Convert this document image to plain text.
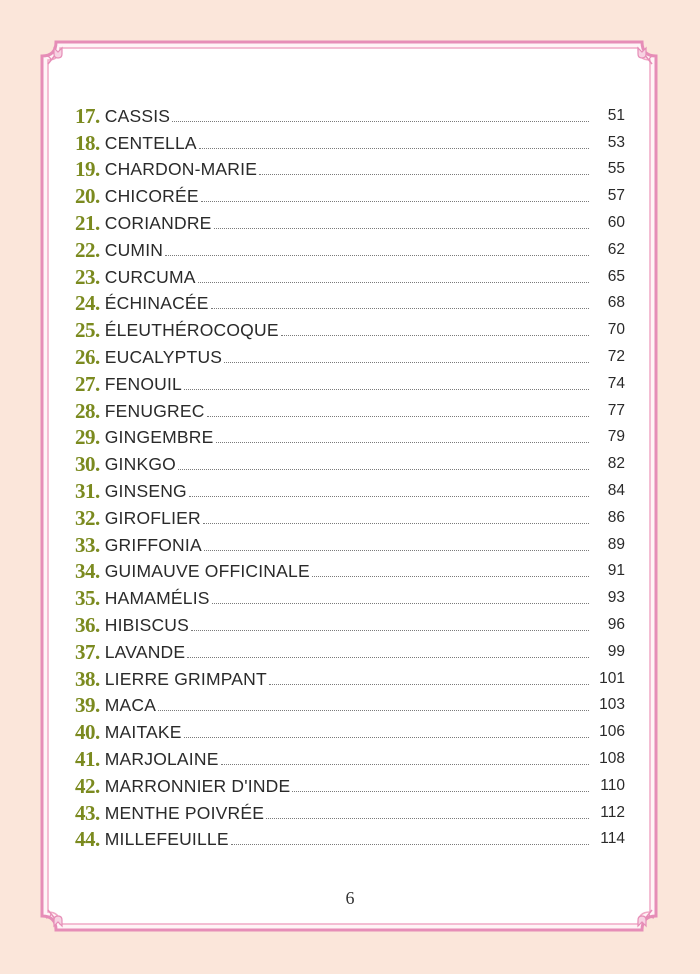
17. CASSIS	51
18. CENTELLA	53
19. CHARDON-MARIE	55
20. CHICORÉE	57
21. CORIANDRE	60
22. CUMIN	62
23. CURCUMA	65
24. ÉCHINACÉE	68
25. ÉLEUTHÉROCOQUE	70
26. EUCALYPTUS	72
27. FENOUIL	74
28. FENUGREC	77
29. GINGEMBRE	79
30. GINKGO	82
31. GINSENG	84
32. GIROFLIER	86
33. GRIFFONIA	89
34. GUIMAUVE OFFICINALE	91
35. HAMAMÉLIS	93
36. HIBISCUS	96
37. LAVANDE	99
38. LIERRE GRIMPANT	101
39. MACA	103
40. MAITAKE	106
41. MARJOLAINE	108
42. MARRONNIER D'INDE	110
43. MENTHE POIVRÉE	112
44. MILLEFEUILLE	114
6
